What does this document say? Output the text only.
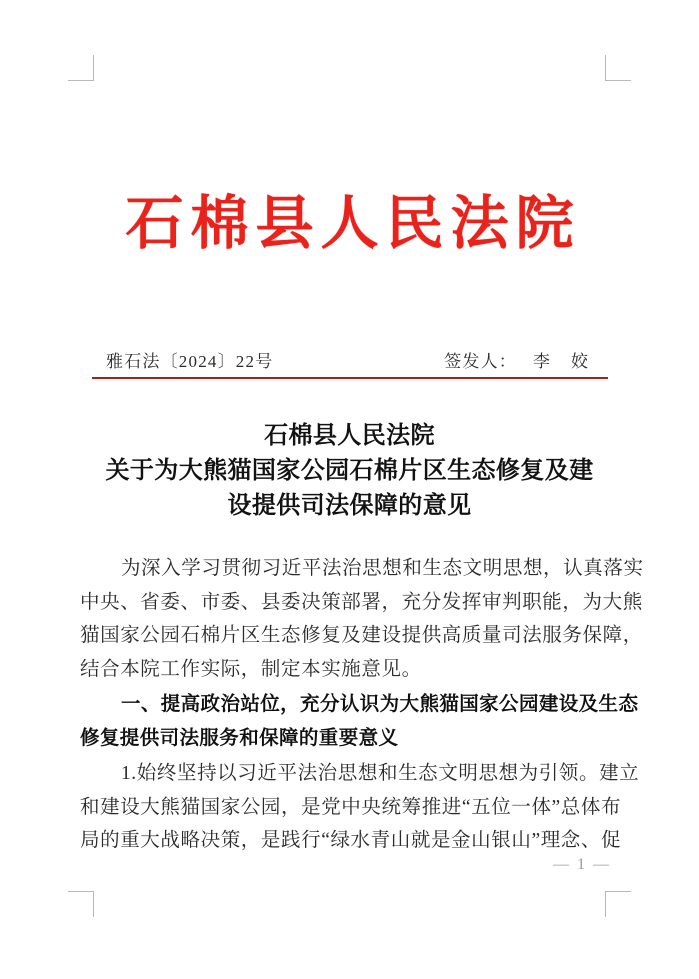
石棉县人民法院
雅石法〔2024〕22号	签发人： 李　姣
石棉县人民法院
关于为大熊猫国家公园石棉片区生态修复及建
设提供司法保障的意见

为深入学习贯彻习近平法治思想和生态文明思想，认真落实
中央、省委、市委、县委决策部署，充分发挥审判职能，为大熊
猫国家公园石棉片区生态修复及建设提供高质量司法服务保障，
结合本院工作实际，制定本实施意见。

一、提高政治站位，充分认识为大熊猫国家公园建设及生态
修复提供司法服务和保障的重要意义

1.始终坚持以习近平法治思想和生态文明思想为引领。建立
和建设大熊猫国家公园，是党中央统筹推进“五位一体”总体布
局的重大战略决策，是践行“绿水青山就是金山银山”理念、促

— 1 —
